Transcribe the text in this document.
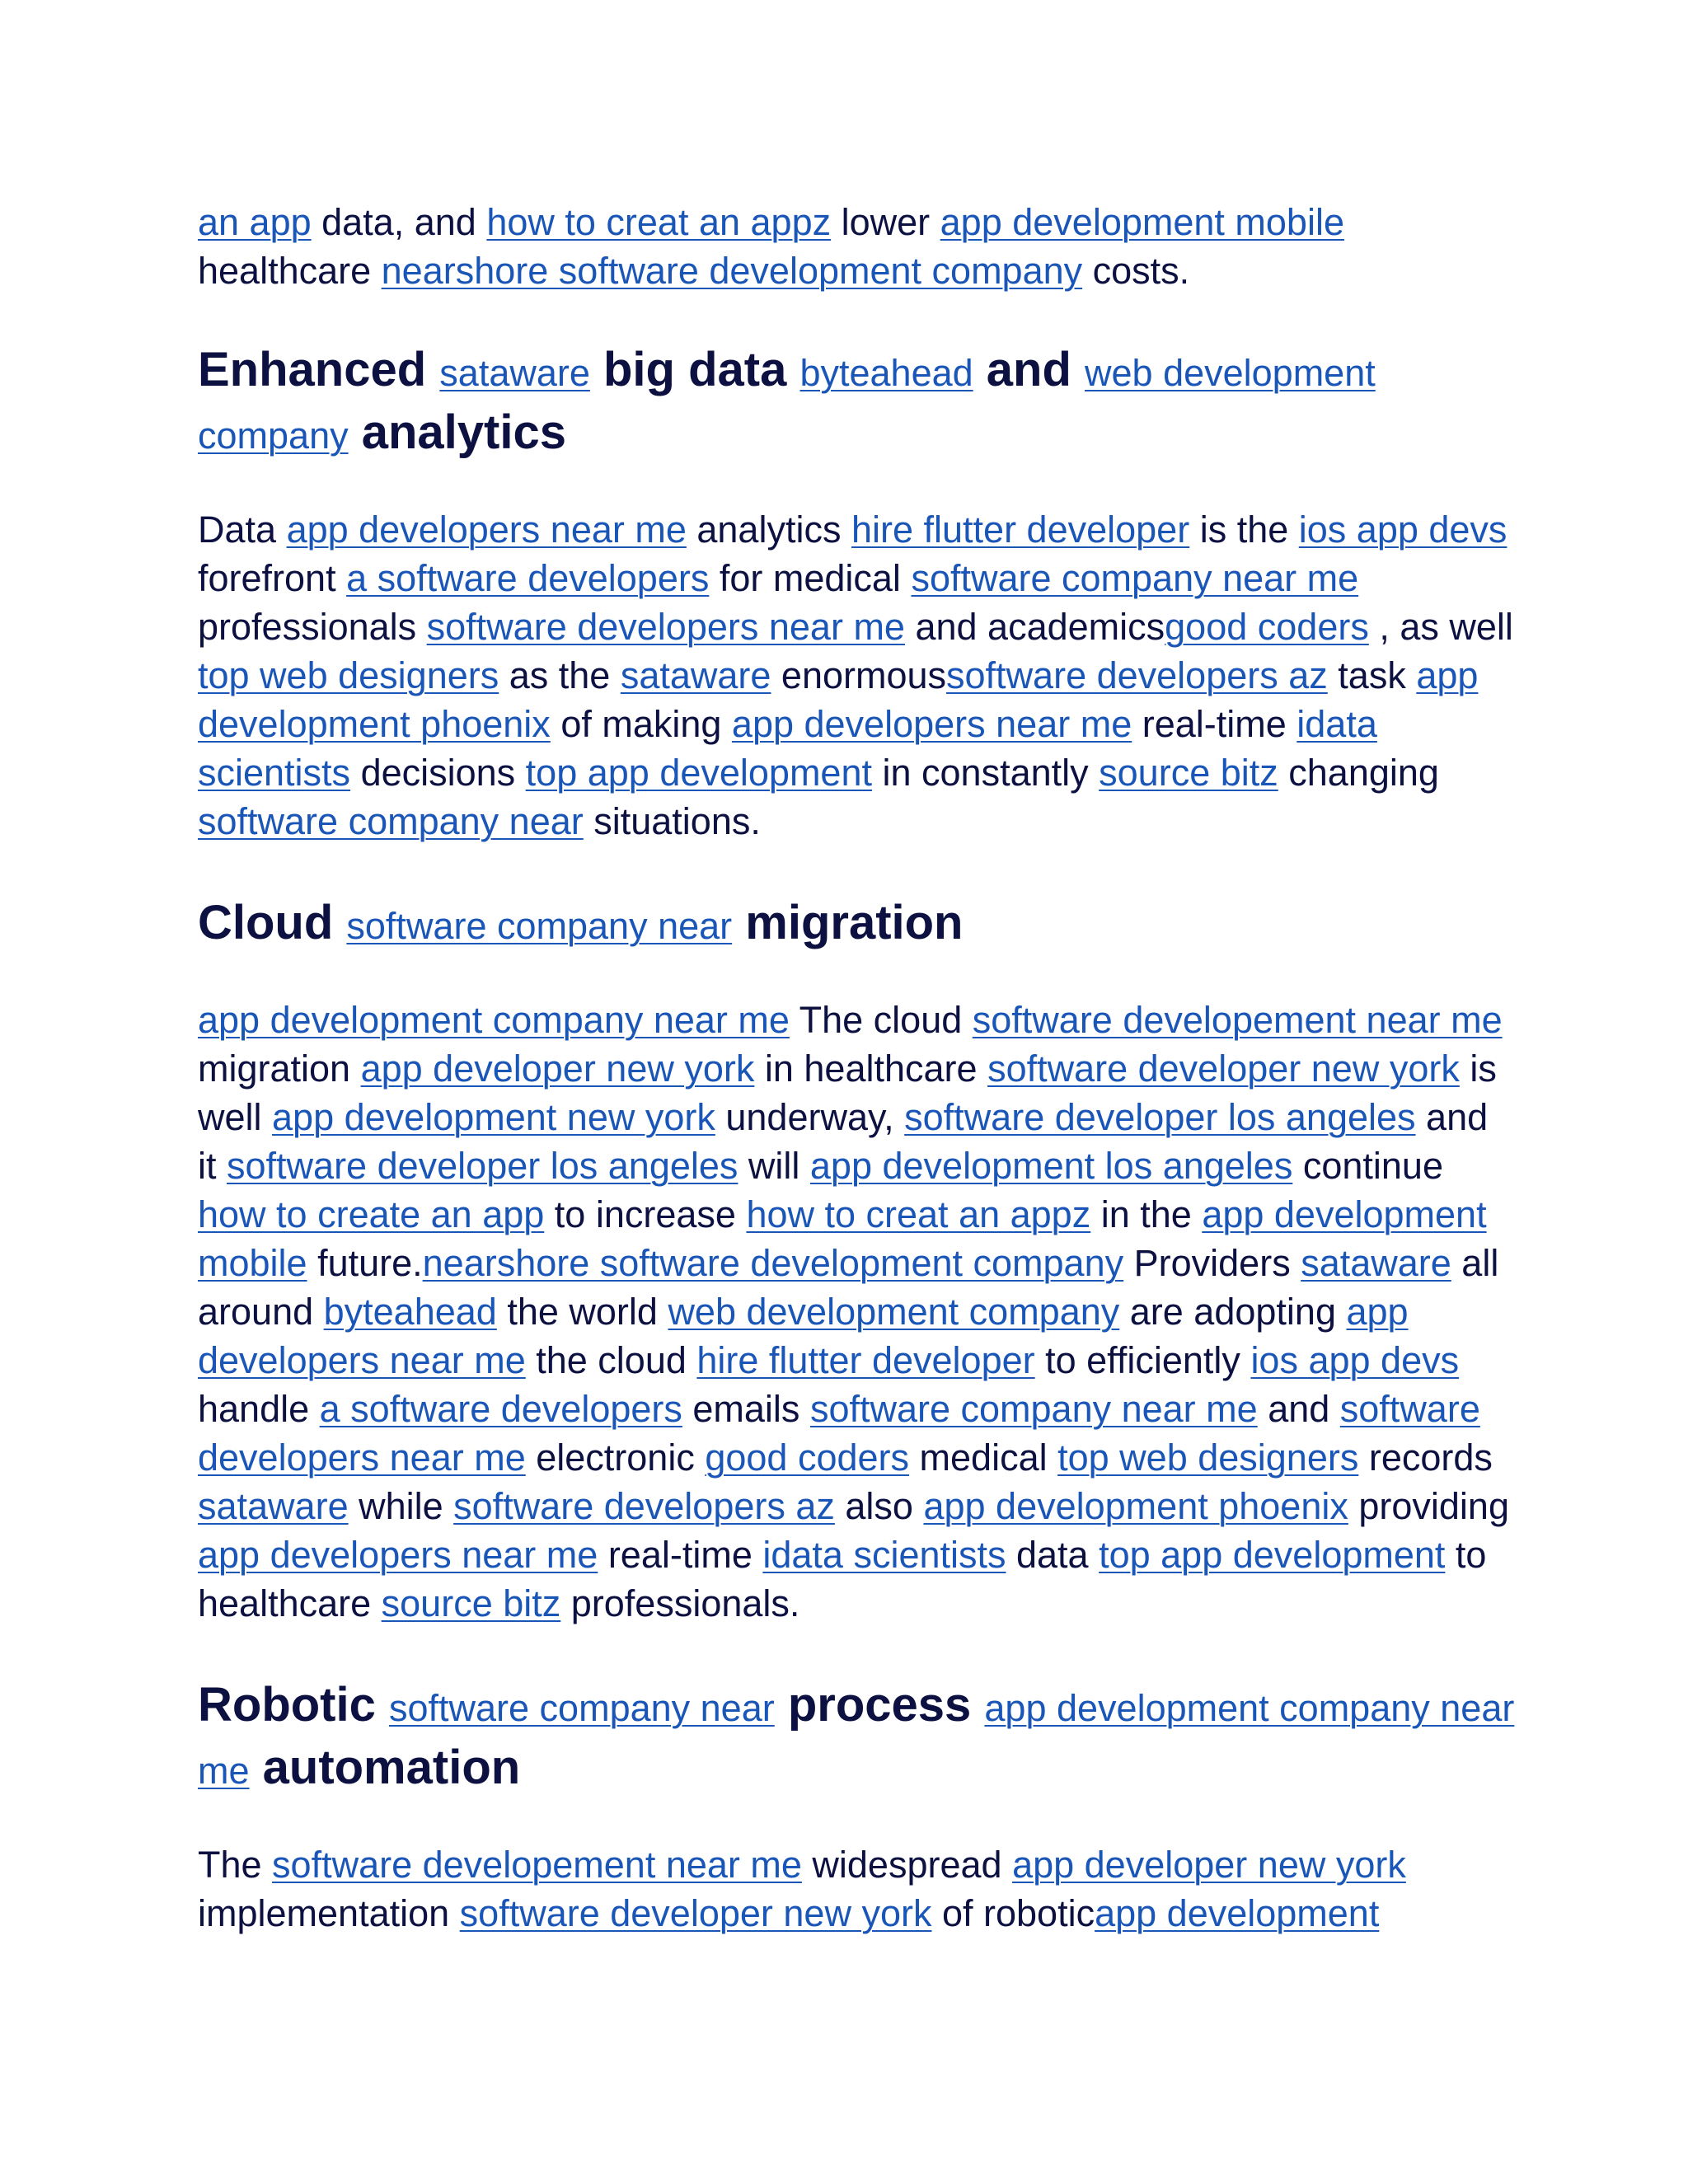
an app data, and how to creat an appz lower app development mobile healthcare nearshore software development company costs.

Enhanced sataware big data byteahead and web development company analytics

Data app developers near me analytics hire flutter developer is the ios app devs forefront a software developers for medical software company near me professionals software developers near me and academicsgood coders , as well top web designers as the sataware enormoussoftware developers az task app development phoenix of making app developers near me real-time idata scientists decisions top app development in constantly source bitz changing software company near situations.

Cloud software company near migration

app development company near me The cloud software developement near me migration app developer new york in healthcare software developer new york is well app development new york underway, software developer los angeles and it software developer los angeles will app development los angeles continue how to create an app to increase how to creat an appz in the app development mobile future.nearshore software development company Providers sataware all around byteahead the world web development company are adopting app developers near me the cloud hire flutter developer to efficiently ios app devs handle a software developers emails software company near me and software developers near me electronic good coders medical top web designers records sataware while software developers az also app development phoenix providing app developers near me real-time idata scientists data top app development to healthcare source bitz professionals.

Robotic software company near process app development company near me automation

The software developement near me widespread app developer new york implementation software developer new york of roboticapp development
